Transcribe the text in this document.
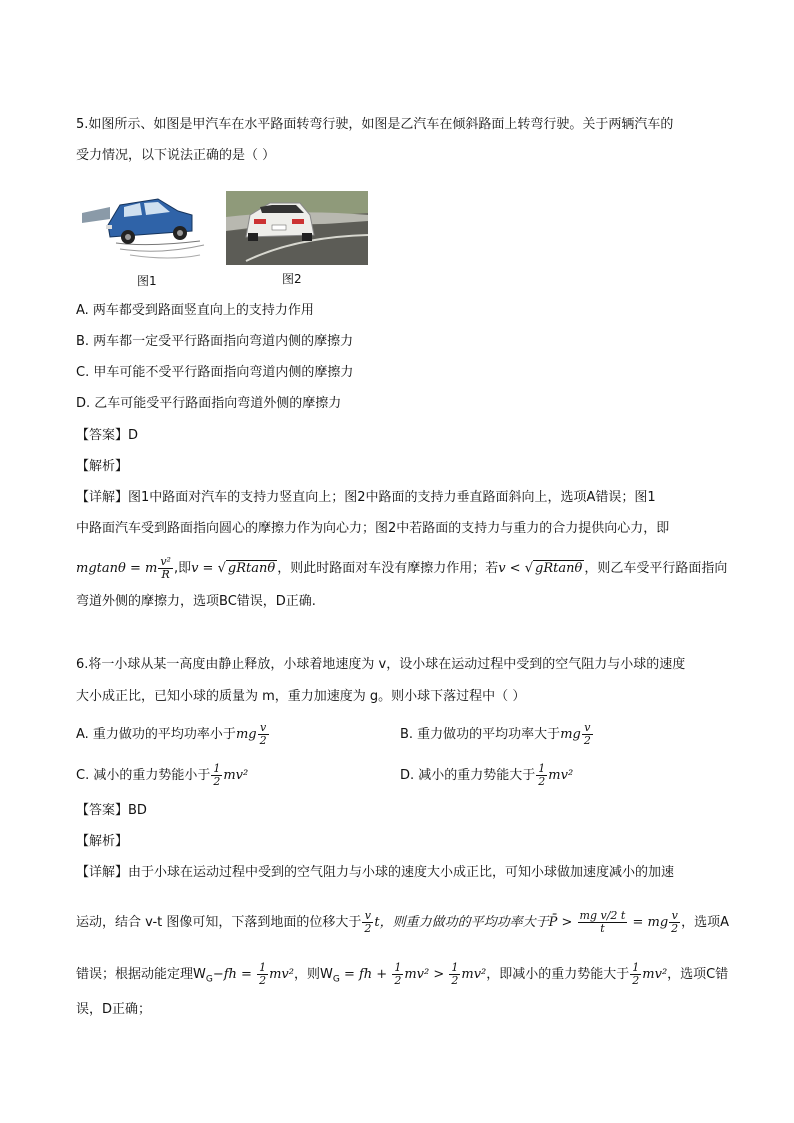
5.如图所示、如图是甲汽车在水平路面转弯行驶，如图是乙汽车在倾斜路面上转弯行驶。关于两辆汽车的
受力情况，以下说法正确的是（ ）
图1	图2
A. 两车都受到路面竖直向上的支持力作用
B. 两车都一定受平行路面指向弯道内侧的摩擦力
C. 甲车可能不受平行路面指向弯道内侧的摩擦力
D. 乙车可能受平行路面指向弯道外侧的摩擦力
【答案】D
【解析】
【详解】图1中路面对汽车的支持力竖直向上；图2中路面的支持力垂直路面斜向上，选项A错误；图1
中路面汽车受到路面指向圆心的摩擦力作为向心力；图2中若路面的支持力与重力的合力提供向心力，即
mgtanθ = m $\frac{\text{v²}}{R}$ ,即v = √ gRtanθ ，则此时路面对车没有摩擦力作用；若v < √ gRtanθ ，则乙车受平行路面指向
弯道外侧的摩擦力，选项BC错误，D正确.
6.将一小球从某一高度由静止释放，小球着地速度为 v，设小球在运动过程中受到的空气阻力与小球的速度
大小成正比，已知小球的质量为 m，重力加速度为 g。则小球下落过程中（ ）
A. 重力做功的平均功率小于mg $\frac{v}{2}$	B. 重力做功的平均功率大于mg $\frac{v}{2}$
C. 减小的重力势能小于 $\frac{1}{2} mv^2$	D. 减小的重力势能大于 $\frac{1}{2} mv^2$
【答案】BD
【解析】
【详解】由于小球在运动过程中受到的空气阻力与小球的速度大小成正比，可知小球做加速度减小的加速
运动，结合 v-t 图像可知，下落到地面的位移大于 $\frac{v}{2}$ t，则重力做功的平均功率大于P̄ > $\frac{\text{mg v/2 t}}{t}$ = mg $\frac{v}{2}$ ，选项A
错误；根据动能定理$W_G-fh = \frac{1}{2} mv^2$，则$W_G$ = fh + $\frac{1}{2} mv^2 > \frac{1}{2} mv^2$，即减小的重力势能大于 $\frac{1}{2} mv^2$，选项C错
误，D正确；
